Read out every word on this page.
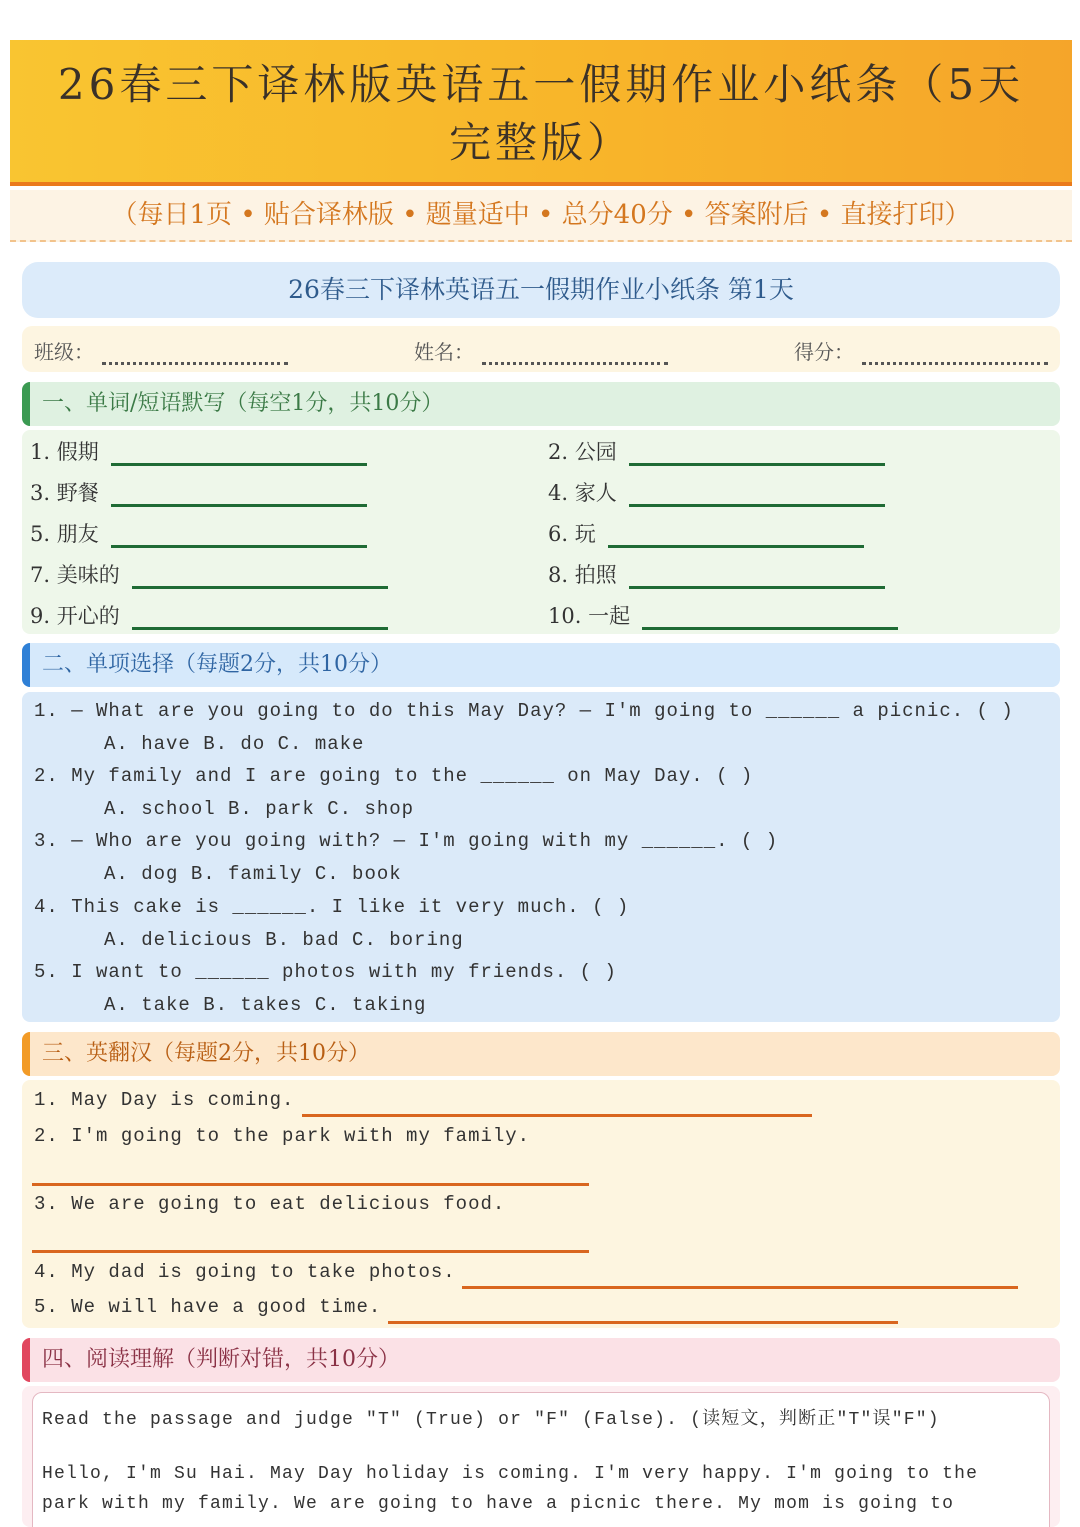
26春三下译林版英语五一假期作业小纸条（5天完整版）
（每日1页 • 贴合译林版 • 题量适中 • 总分40分 • 答案附后 • 直接打印）
26春三下译林英语五一假期作业小纸条 第1天
班级：	姓名：	得分：
一、单词/短语默写（每空1分，共10分）
1. 假期	2. 公园
3. 野餐	4. 家人
5. 朋友	6. 玩
7. 美味的	8. 拍照
9. 开心的	10. 一起
二、单项选择（每题2分，共10分）
1. — What are you going to do this May Day? — I'm going to ______ a picnic. ( )
A. have B. do C. make
2. My family and I are going to the ______ on May Day. ( )
A. school B. park C. shop
3. — Who are you going with? — I'm going with my ______. ( )
A. dog B. family C. book
4. This cake is ______. I like it very much. ( )
A. delicious B. bad C. boring
5. I want to ______ photos with my friends. ( )
A. take B. takes C. taking
三、英翻汉（每题2分，共10分）
1. May Day is coming.
2. I'm going to the park with my family.
3. We are going to eat delicious food.
4. My dad is going to take photos.
5. We will have a good time.
四、阅读理解（判断对错，共10分）
Read the passage and judge "T" (True) or "F" (False). (读短文，判断正"T"误"F")
Hello, I'm Su Hai. May Day holiday is coming. I'm very happy. I'm going to the
park with my family. We are going to have a picnic there. My mom is going to
